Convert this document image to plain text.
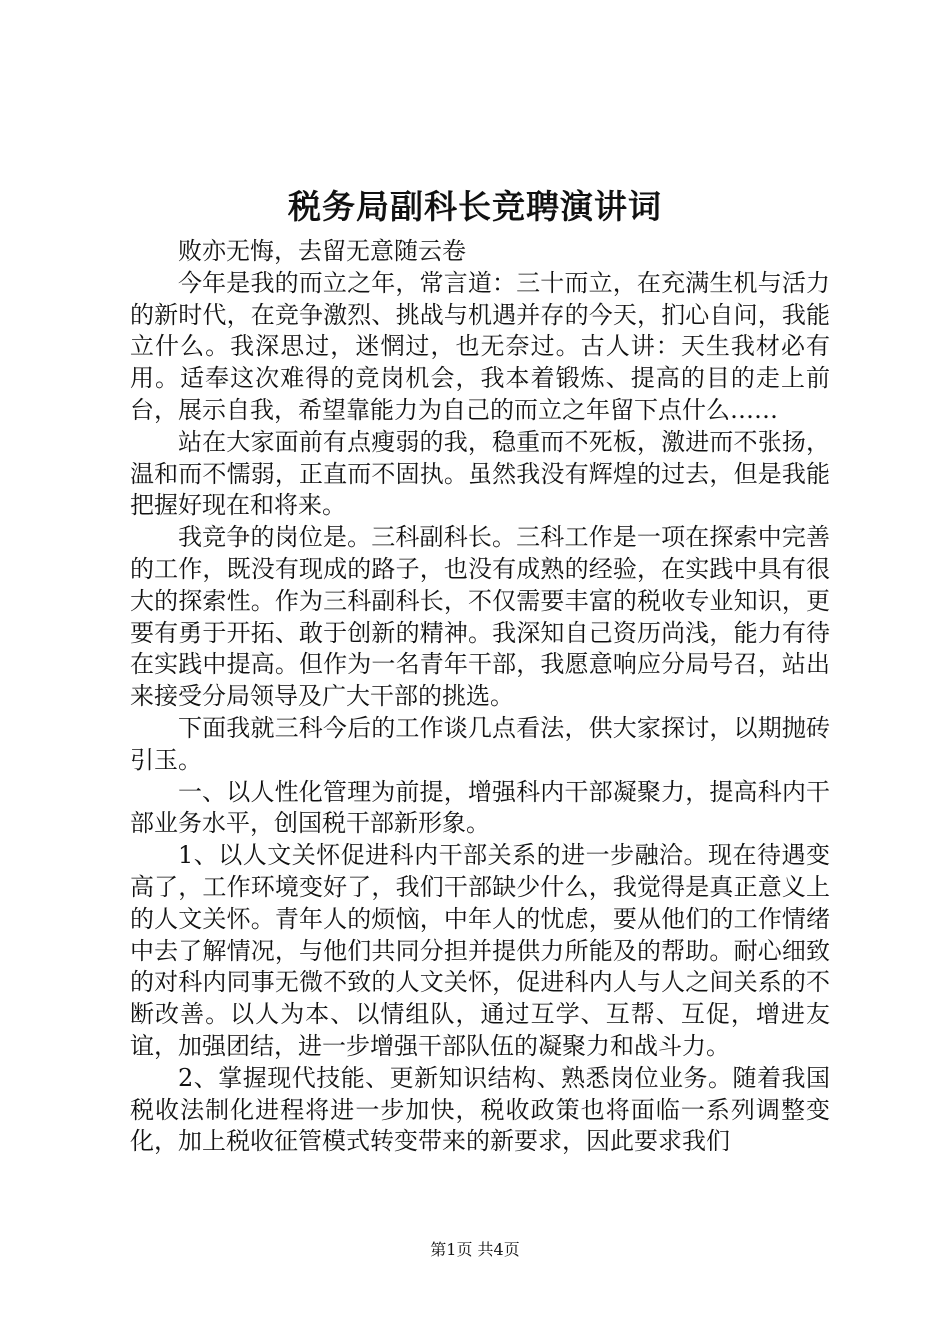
税务局副科长竞聘演讲词

败亦无悔，去留无意随云卷

今年是我的而立之年，常言道：三十而立，在充满生机与活力的新时代，在竞争激烈、挑战与机遇并存的今天，扪心自问，我能立什么。我深思过，迷惘过，也无奈过。古人讲：天生我材必有用。适奉这次难得的竞岗机会，我本着锻炼、提高的目的走上前台，展示自我，希望靠能力为自己的而立之年留下点什么……

站在大家面前有点瘦弱的我，稳重而不死板，激进而不张扬，温和而不懦弱，正直而不固执。虽然我没有辉煌的过去，但是我能把握好现在和将来。

我竞争的岗位是。三科副科长。三科工作是一项在探索中完善的工作，既没有现成的路子，也没有成熟的经验，在实践中具有很大的探索性。作为三科副科长，不仅需要丰富的税收专业知识，更要有勇于开拓、敢于创新的精神。我深知自己资历尚浅，能力有待在实践中提高。但作为一名青年干部，我愿意响应分局号召，站出来接受分局领导及广大干部的挑选。

下面我就三科今后的工作谈几点看法，供大家探讨，以期抛砖引玉。

一、以人性化管理为前提，增强科内干部凝聚力，提高科内干部业务水平，创国税干部新形象。

1、以人文关怀促进科内干部关系的进一步融洽。现在待遇变高了，工作环境变好了，我们干部缺少什么，我觉得是真正意义上的人文关怀。青年人的烦恼，中年人的忧虑，要从他们的工作情绪中去了解情况，与他们共同分担并提供力所能及的帮助。耐心细致的对科内同事无微不致的人文关怀，促进科内人与人之间关系的不断改善。以人为本、以情组队，通过互学、互帮、互促，增进友谊，加强团结，进一步增强干部队伍的凝聚力和战斗力。

2、掌握现代技能、更新知识结构、熟悉岗位业务。随着我国税收法制化进程将进一步加快，税收政策也将面临一系列调整变化，加上税收征管模式转变带来的新要求，因此要求我们

第1页 共4页
